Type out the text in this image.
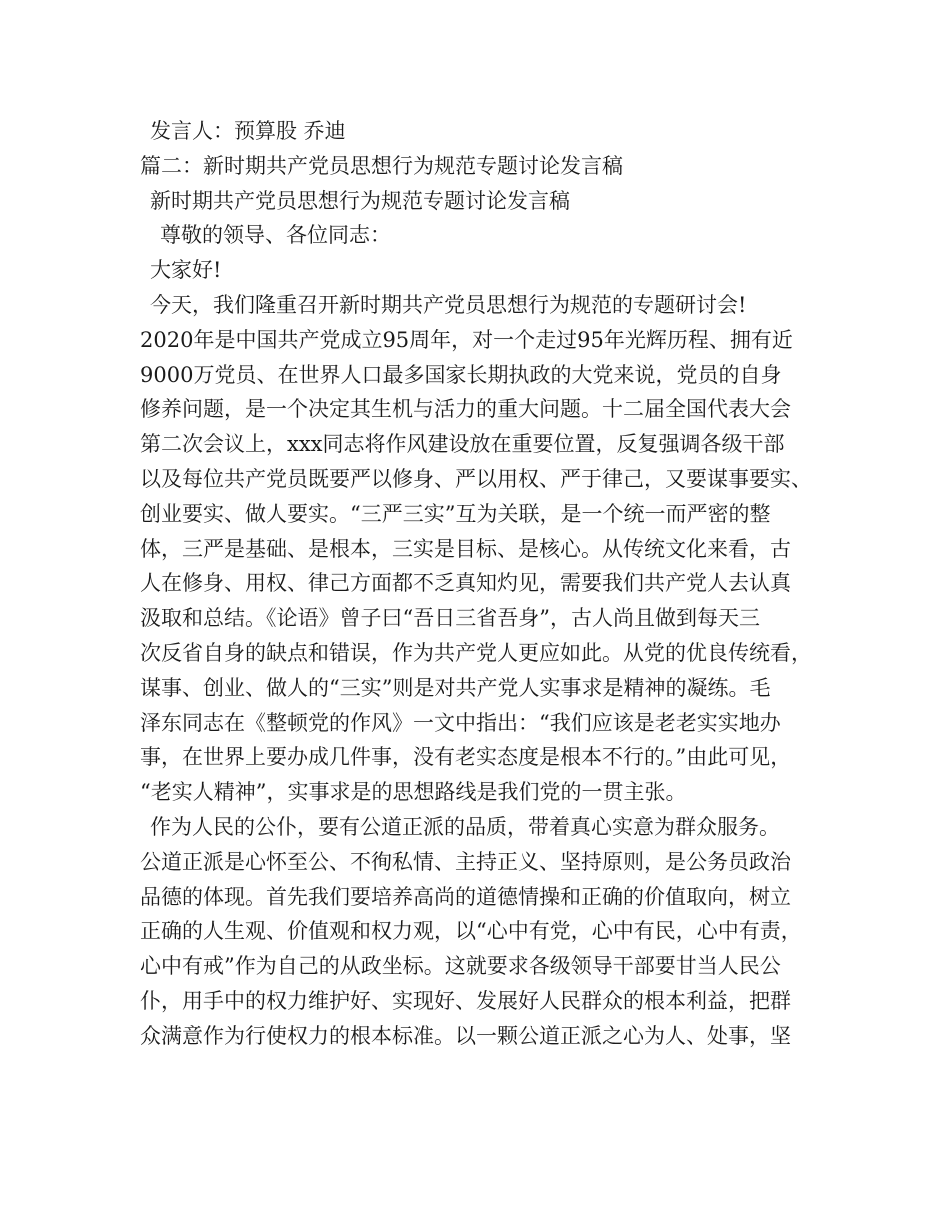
发言人：预算股 乔迪
篇二：新时期共产党员思想行为规范专题讨论发言稿
新时期共产党员思想行为规范专题讨论发言稿
尊敬的领导、各位同志：
大家好!
今天，我们隆重召开新时期共产党员思想行为规范的专题研讨会!
2020年是中国共产党成立95周年，对一个走过95年光辉历程、拥有近
9000万党员、在世界人口最多国家长期执政的大党来说，党员的自身
修养问题，是一个决定其生机与活力的重大问题。十二届全国代表大会
第二次会议上，xxx同志将作风建设放在重要位置，反复强调各级干部
以及每位共产党员既要严以修身、严以用权、严于律己，又要谋事要实、
创业要实、做人要实。“三严三实”互为关联，是一个统一而严密的整
体，三严是基础、是根本，三实是目标、是核心。从传统文化来看，古
人在修身、用权、律己方面都不乏真知灼见，需要我们共产党人去认真
汲取和总结。《论语》曾子曰“吾日三省吾身”，古人尚且做到每天三
次反省自身的缺点和错误，作为共产党人更应如此。从党的优良传统看，
谋事、创业、做人的“三实”则是对共产党人实事求是精神的凝练。毛
泽东同志在《整顿党的作风》一文中指出：“我们应该是老老实实地办
事，在世界上要办成几件事，没有老实态度是根本不行的。”由此可见，
“老实人精神”，实事求是的思想路线是我们党的一贯主张。
作为人民的公仆，要有公道正派的品质，带着真心实意为群众服务。
公道正派是心怀至公、不徇私情、主持正义、坚持原则，是公务员政治
品德的体现。首先我们要培养高尚的道德情操和正确的价值取向，树立
正确的人生观、价值观和权力观，以“心中有党，心中有民，心中有责，
心中有戒”作为自己的从政坐标。这就要求各级领导干部要甘当人民公
仆，用手中的权力维护好、实现好、发展好人民群众的根本利益，把群
众满意作为行使权力的根本标准。以一颗公道正派之心为人、处事，坚
